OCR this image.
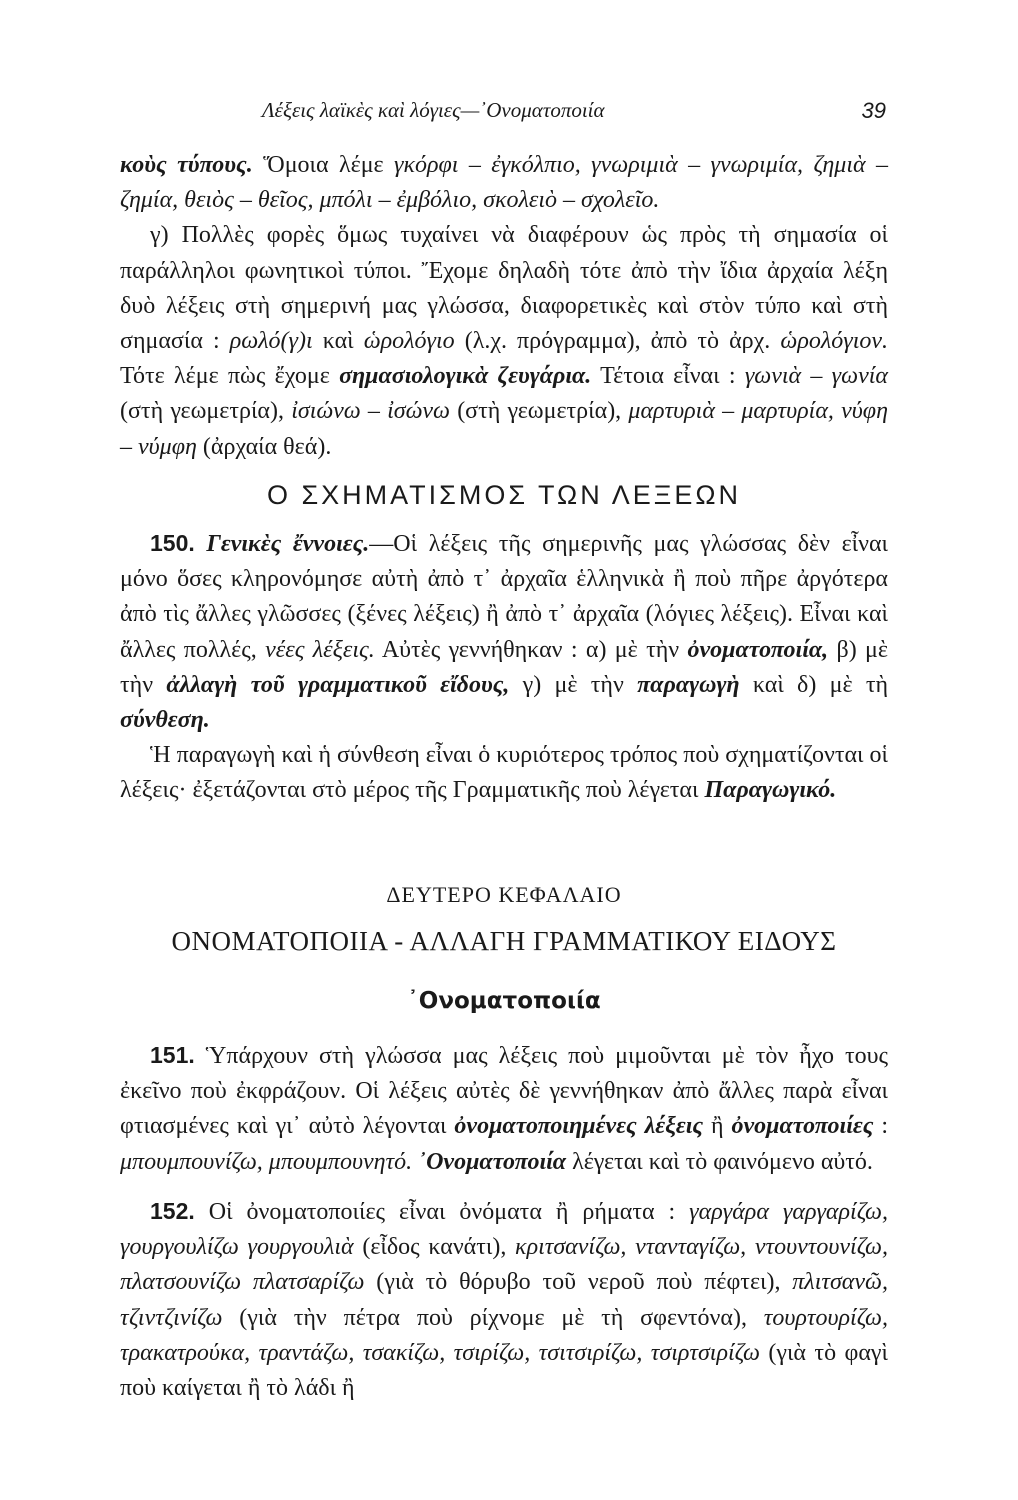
Λέξεις λαϊκὲς καὶ λόγιες—᾿Ονοματοποιία	39

κοὺς τύπους. Ὅμοια λέμε γκόρφι – ἐγκόλπιο, γνωριμιὰ – γνωριμία, ζημιὰ – ζημία, θειὸς – θεῖος, μπόλι – ἐμβόλιο, σκολειὸ – σχολεῖο.

γ) Πολλὲς φορὲς ὅμως τυχαίνει νὰ διαφέρουν ὡς πρὸς τὴ σημασία οἱ παράλληλοι φωνητικοὶ τύποι. Ἔχομε δηλαδὴ τότε ἀπὸ τὴν ἴδια ἀρχαία λέξη δυὸ λέξεις στὴ σημερινή μας γλώσσα, διαφορετικὲς καὶ στὸν τύπο καὶ στὴ σημασία : ρωλό(γ)ι καὶ ὡρολόγιο (λ.χ. πρόγραμμα), ἀπὸ τὸ ἀρχ. ὡρολόγιον. Τότε λέμε πὼς ἔχομε σημασιολογικὰ ζευγάρια. Τέτοια εἶναι : γωνιὰ – γωνία (στὴ γεωμετρία), ἰσιώνω – ἰσώνω (στὴ γεωμετρία), μαρτυριὰ – μαρτυρία, νύφη – νύμφη (ἀρχαία θεά).

Ο ΣΧΗΜΑΤΙΣΜΟΣ ΤΩΝ ΛΕΞΕΩΝ

150. Γενικὲς ἔννοιες.—Οἱ λέξεις τῆς σημερινῆς μας γλώσσας δὲν εἶναι μόνο ὅσες κληρονόμησε αὐτὴ ἀπὸ τ᾿ ἀρχαῖα ἑλληνικὰ ἢ ποὺ πῆρε ἀργότερα ἀπὸ τὶς ἄλλες γλῶσσες (ξένες λέξεις) ἢ ἀπὸ τ᾿ ἀρχαῖα (λόγιες λέξεις). Εἶναι καὶ ἄλλες πολλές, νέες λέξεις. Αὐτὲς γεννήθηκαν : α) μὲ τὴν ὀνοματοποιία, β) μὲ τὴν ἀλλαγὴ τοῦ γραμματικοῦ εἴδους, γ) μὲ τὴν παραγωγὴ καὶ δ) μὲ τὴ σύνθεση.

Ἡ παραγωγὴ καὶ ἡ σύνθεση εἶναι ὁ κυριότερος τρόπος ποὺ σχηματίζονται οἱ λέξεις· ἐξετάζονται στὸ μέρος τῆς Γραμματικῆς ποὺ λέγεται Παραγωγικό.

ΔΕΥΤΕΡΟ ΚΕΦΑΛΑΙΟ
ΟΝΟΜΑΤΟΠΟΙΙΑ - ΑΛΛΑΓΗ ΓΡΑΜΜΑΤΙΚΟΥ ΕΙΔΟΥΣ
᾿Ονοματοποιία

151. Ὑπάρχουν στὴ γλώσσα μας λέξεις ποὺ μιμοῦνται μὲ τὸν ἦχο τους ἐκεῖνο ποὺ ἐκφράζουν. Οἱ λέξεις αὐτὲς δὲ γεννήθηκαν ἀπὸ ἄλλες παρὰ εἶναι φτιασμένες καὶ γι᾿ αὐτὸ λέγονται ὀνοματοποιημένες λέξεις ἢ ὀνοματοποιίες : μπουμπουνίζω, μπουμπουνητό. ᾿Ονοματοποιία λέγεται καὶ τὸ φαινόμενο αὐτό.

152. Οἱ ὀνοματοποιίες εἶναι ὀνόματα ἢ ρήματα : γαργάρα γαργαρίζω, γουργουλίζω γουργουλιὰ (εἶδος κανάτι), κριτσανίζω, ντανταγίζω, ντουντουνίζω, πλατσουνίζω πλατσαρίζω (γιὰ τὸ θόρυβο τοῦ νεροῦ ποὺ πέφτει), πλιτσανῶ, τζιντζινίζω (γιὰ τὴν πέτρα ποὺ ρίχνομε μὲ τὴ σφεντόνα), τουρτουρίζω, τρακατρούκα, τραντάζω, τσακίζω, τσιρίζω, τσιτσιρίζω, τσιρτσιρίζω (γιὰ τὸ φαγὶ ποὺ καίγεται ἢ τὸ λάδι ἢ
